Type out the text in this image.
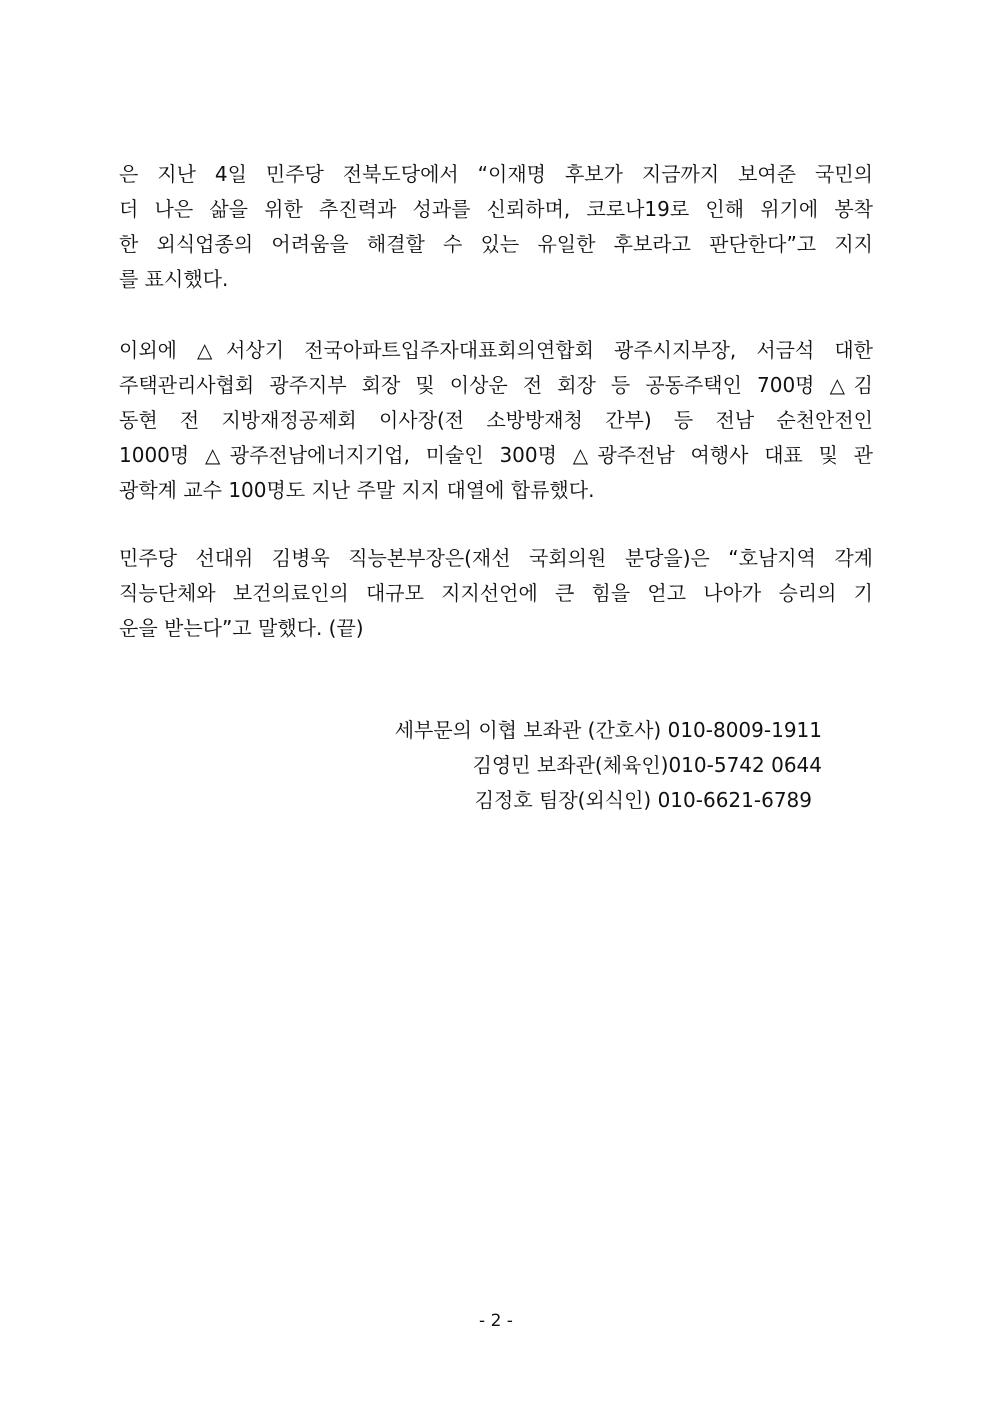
은 지난 4일 민주당 전북도당에서 “이재명 후보가 지금까지 보여준 국민의
더 나은 삶을 위한 추진력과 성과를 신뢰하며, 코로나19로 인해 위기에 봉착
한 외식업종의 어려움을 해결할 수 있는 유일한 후보라고 판단한다”고 지지
를 표시했다.
이외에 △서상기 전국아파트입주자대표회의연합회 광주시지부장, 서금석 대한
주택관리사협회 광주지부 회장 및 이상운 전 회장 등 공동주택인 700명 △김
동현 전 지방재정공제회 이사장(전 소방방재청 간부) 등 전남 순천안전인
1000명 △광주전남에너지기업, 미술인 300명 △광주전남 여행사 대표 및 관
광학계 교수 100명도 지난 주말 지지 대열에 합류했다.
민주당 선대위 김병욱 직능본부장은(재선 국회의원 분당을)은 “호남지역 각계
직능단체와 보건의료인의 대규모 지지선언에 큰 힘을 얻고 나아가 승리의 기
운을 받는다”고 말했다. (끝)
세부문의 이협 보좌관 (간호사) 010-8009-1911
김영민 보좌관(체육인)010-5742 0644
김정호 팀장(외식인) 010-6621-6789
- 2 -
